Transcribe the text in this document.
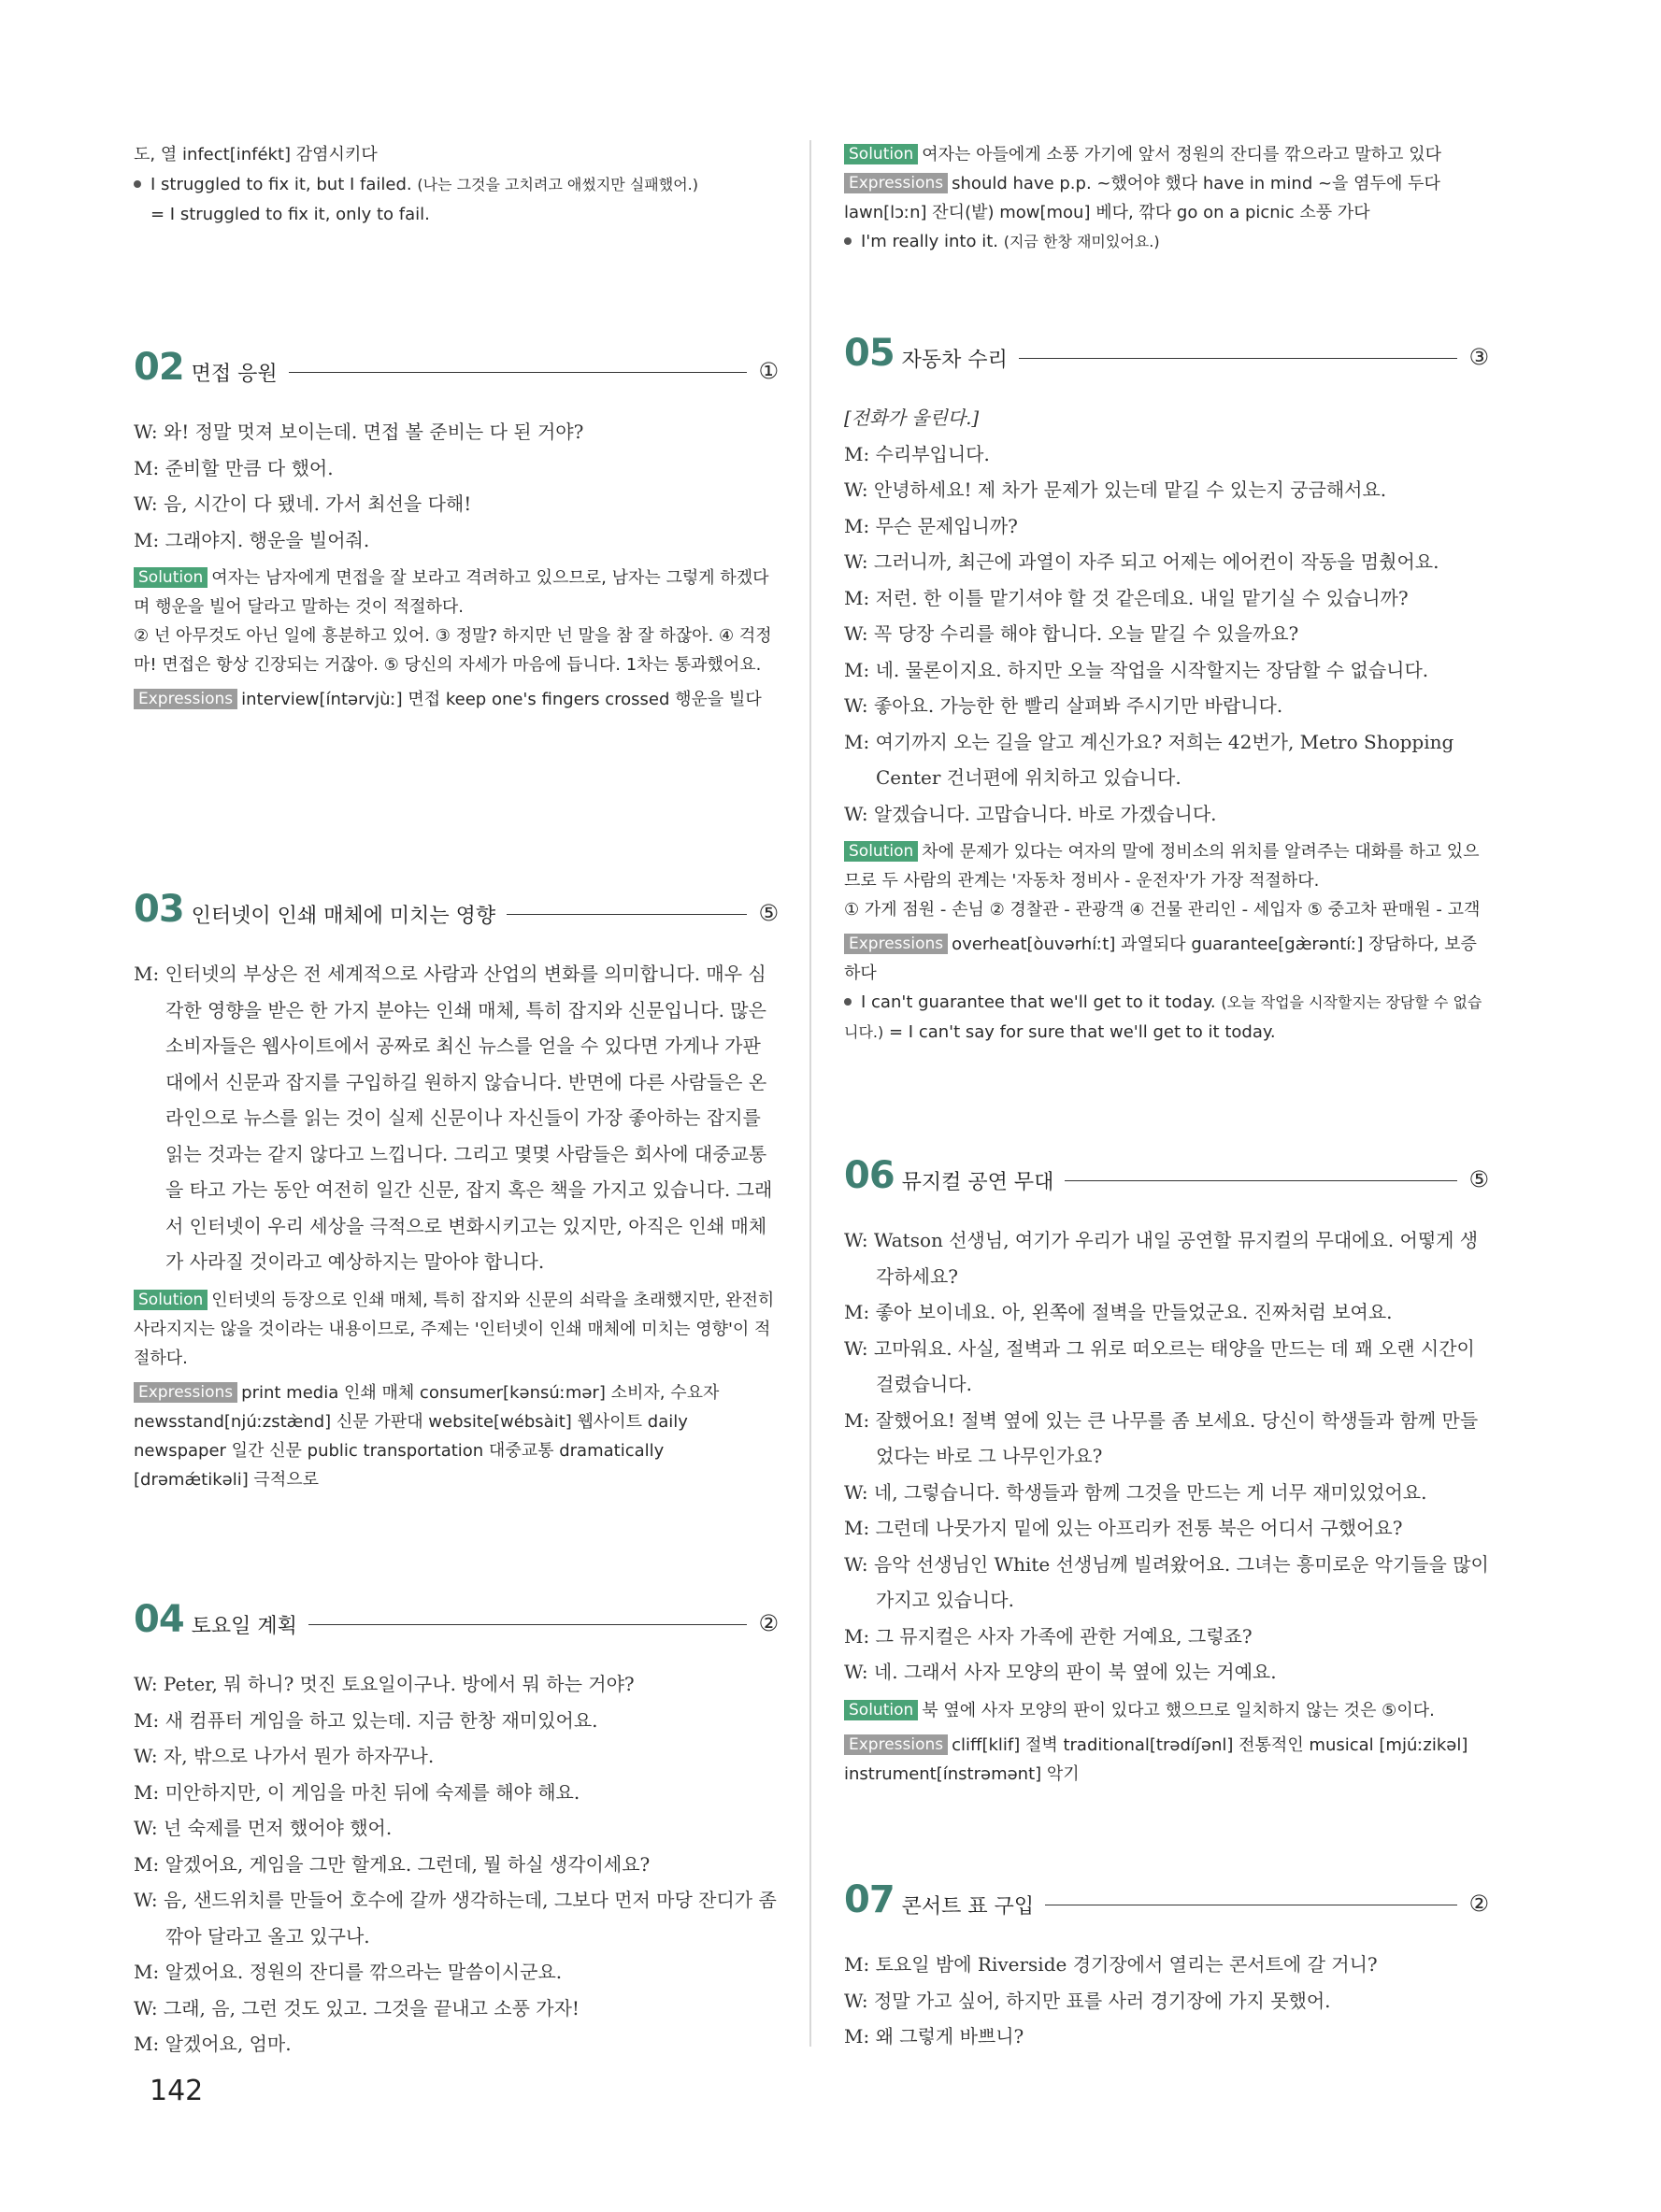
도, 열 infect[infékt] 감염시키다
I struggled to fix it, but I failed. (나는 그것을 고치려고 애썼지만 실패했어.)
= I struggled to fix it, only to fail.
02 면접 응원	①
W: 와! 정말 멋져 보이는데. 면접 볼 준비는 다 된 거야?
M: 준비할 만큼 다 했어.
W: 음, 시간이 다 됐네. 가서 최선을 다해!
M: 그래야지. 행운을 빌어줘.
Solution 여자는 남자에게 면접을 잘 보라고 격려하고 있으므로, 남자는 그렇게 하겠다며 행운을 빌어 달라고 말하는 것이 적절하다.
② 넌 아무것도 아닌 일에 흥분하고 있어. ③ 정말? 하지만 넌 말을 참 잘 하잖아. ④ 걱정 마! 면접은 항상 긴장되는 거잖아. ⑤ 당신의 자세가 마음에 듭니다. 1차는 통과했어요.
Expressions interview[íntərvjùː] 면접 keep one's fingers crossed 행운을 빌다
03 인터넷이 인쇄 매체에 미치는 영향	⑤
M: 인터넷의 부상은 전 세계적으로 사람과 산업의 변화를 의미합니다. 매우 심각한 영향을 받은 한 가지 분야는 인쇄 매체, 특히 잡지와 신문입니다. 많은 소비자들은 웹사이트에서 공짜로 최신 뉴스를 얻을 수 있다면 가게나 가판대에서 신문과 잡지를 구입하길 원하지 않습니다. 반면에 다른 사람들은 온라인으로 뉴스를 읽는 것이 실제 신문이나 자신들이 가장 좋아하는 잡지를 읽는 것과는 같지 않다고 느낍니다. 그리고 몇몇 사람들은 회사에 대중교통을 타고 가는 동안 여전히 일간 신문, 잡지 혹은 책을 가지고 있습니다. 그래서 인터넷이 우리 세상을 극적으로 변화시키고는 있지만, 아직은 인쇄 매체가 사라질 것이라고 예상하지는 말아야 합니다.
Solution 인터넷의 등장으로 인쇄 매체, 특히 잡지와 신문의 쇠락을 초래했지만, 완전히 사라지지는 않을 것이라는 내용이므로, 주제는 '인터넷이 인쇄 매체에 미치는 영향'이 적절하다.
Expressions print media 인쇄 매체 consumer[kənsúːmər] 소비자, 수요자 newsstand[njúːzstæ̀nd] 신문 가판대 website[wébsàit] 웹사이트 daily newspaper 일간 신문 public transportation 대중교통 dramatically [drəmǽtikəli] 극적으로
04 토요일 계획	②
W: Peter, 뭐 하니? 멋진 토요일이구나. 방에서 뭐 하는 거야?
M: 새 컴퓨터 게임을 하고 있는데. 지금 한창 재미있어요.
W: 자, 밖으로 나가서 뭔가 하자꾸나.
M: 미안하지만, 이 게임을 마친 뒤에 숙제를 해야 해요.
W: 넌 숙제를 먼저 했어야 했어.
M: 알겠어요, 게임을 그만 할게요. 그런데, 뭘 하실 생각이세요?
W: 음, 샌드위치를 만들어 호수에 갈까 생각하는데, 그보다 먼저 마당 잔디가 좀 깎아 달라고 올고 있구나.
M: 알겠어요. 정원의 잔디를 깎으라는 말씀이시군요.
W: 그래, 음, 그런 것도 있고. 그것을 끝내고 소풍 가자!
M: 알겠어요, 엄마.
Solution 여자는 아들에게 소풍 가기에 앞서 정원의 잔디를 깎으라고 말하고 있다
Expressions should have p.p. ~했어야 했다 have in mind ~을 염두에 두다
lawn[lɔːn] 잔디(밭) mow[mou] 베다, 깎다 go on a picnic 소풍 가다
I'm really into it. (지금 한창 재미있어요.)
05 자동차 수리	③
[전화가 울린다.]
M: 수리부입니다.
W: 안녕하세요! 제 차가 문제가 있는데 맡길 수 있는지 궁금해서요.
M: 무슨 문제입니까?
W: 그러니까, 최근에 과열이 자주 되고 어제는 에어컨이 작동을 멈췄어요.
M: 저런. 한 이틀 맡기셔야 할 것 같은데요. 내일 맡기실 수 있습니까?
W: 꼭 당장 수리를 해야 합니다. 오늘 맡길 수 있을까요?
M: 네. 물론이지요. 하지만 오늘 작업을 시작할지는 장담할 수 없습니다.
W: 좋아요. 가능한 한 빨리 살펴봐 주시기만 바랍니다.
M: 여기까지 오는 길을 알고 계신가요? 저희는 42번가, Metro Shopping Center 건너편에 위치하고 있습니다.
W: 알겠습니다. 고맙습니다. 바로 가겠습니다.
Solution 차에 문제가 있다는 여자의 말에 정비소의 위치를 알려주는 대화를 하고 있으므로 두 사람의 관계는 '자동차 정비사 - 운전자'가 가장 적절하다.
① 가게 점원 - 손님 ② 경찰관 - 관광객 ④ 건물 관리인 - 세입자 ⑤ 중고차 판매원 - 고객
Expressions overheat[òuvərhíːt] 과열되다 guarantee[gæ̀rəntíː] 장담하다, 보증하다
I can't guarantee that we'll get to it today. (오늘 작업을 시작할지는 장담할 수 없습니다.) = I can't say for sure that we'll get to it today.
06 뮤지컬 공연 무대	⑤
W: Watson 선생님, 여기가 우리가 내일 공연할 뮤지컬의 무대에요. 어떻게 생각하세요?
M: 좋아 보이네요. 아, 왼쪽에 절벽을 만들었군요. 진짜처럼 보여요.
W: 고마워요. 사실, 절벽과 그 위로 떠오르는 태양을 만드는 데 꽤 오랜 시간이 걸렸습니다.
M: 잘했어요! 절벽 옆에 있는 큰 나무를 좀 보세요. 당신이 학생들과 함께 만들었다는 바로 그 나무인가요?
W: 네, 그렇습니다. 학생들과 함께 그것을 만드는 게 너무 재미있었어요.
M: 그런데 나뭇가지 밑에 있는 아프리카 전통 북은 어디서 구했어요?
W: 음악 선생님인 White 선생님께 빌려왔어요. 그녀는 흥미로운 악기들을 많이 가지고 있습니다.
M: 그 뮤지컬은 사자 가족에 관한 거예요, 그렇죠?
W: 네. 그래서 사자 모양의 판이 북 옆에 있는 거예요.
Solution 북 옆에 사자 모양의 판이 있다고 했으므로 일치하지 않는 것은 ⑤이다.
Expressions cliff[klif] 절벽 traditional[trədíʃənl] 전통적인 musical [mjúːzikəl] instrument[ínstrəmənt] 악기
07 콘서트 표 구입	②
M: 토요일 밤에 Riverside 경기장에서 열리는 콘서트에 갈 거니?
W: 정말 가고 싶어, 하지만 표를 사러 경기장에 가지 못했어.
M: 왜 그렇게 바쁘니?
142
